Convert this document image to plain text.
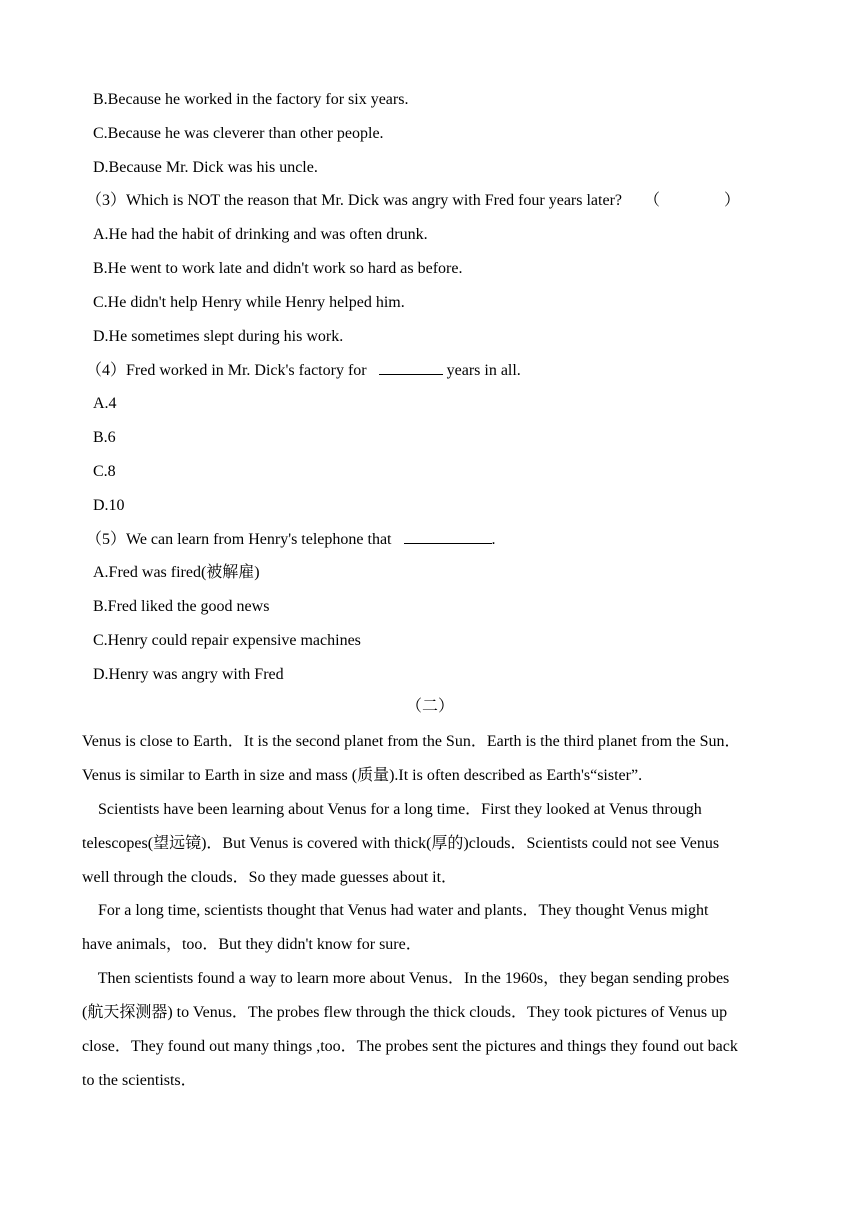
B.Because he worked in the factory for six years.
C.Because he was cleverer than other people.
D.Because Mr. Dick was his uncle.
（3）Which is NOT the reason that Mr. Dick was angry with Fred four years later? （　　　　）
A.He had the habit of drinking and was often drunk.
B.He went to work late and didn't work so hard as before.
C.He didn't help Henry while Henry helped him.
D.He sometimes slept during his work.
（4）Fred worked in Mr. Dick's factory for	years in all.
A.4
B.6
C.8
D.10
（5）We can learn from Henry's telephone that	.
A.Fred was fired(被解雇)
B.Fred liked the good news
C.Henry could repair expensive machines
D.Henry was angry with Fred
（二）
Venus is close to Earth．It is the second planet from the Sun．Earth is the third planet from the Sun．
Venus is similar to Earth in size and mass (质量).It is often described as Earth's“sister”.
Scientists have been learning about Venus for a long time．First they looked at Venus through
telescopes(望远镜)．But Venus is covered with thick(厚的)clouds．Scientists could not see Venus
well through the clouds．So they made guesses about it．
For a long time, scientists thought that Venus had water and plants．They thought Venus might
have animals，too．But they didn't know for sure．
Then scientists found a way to learn more about Venus．In the 1960s，they began sending probes
(航天探测器) to Venus．The probes flew through the thick clouds．They took pictures of Venus up
close．They found out many things ,too．The probes sent the pictures and things they found out back
to the scientists．
